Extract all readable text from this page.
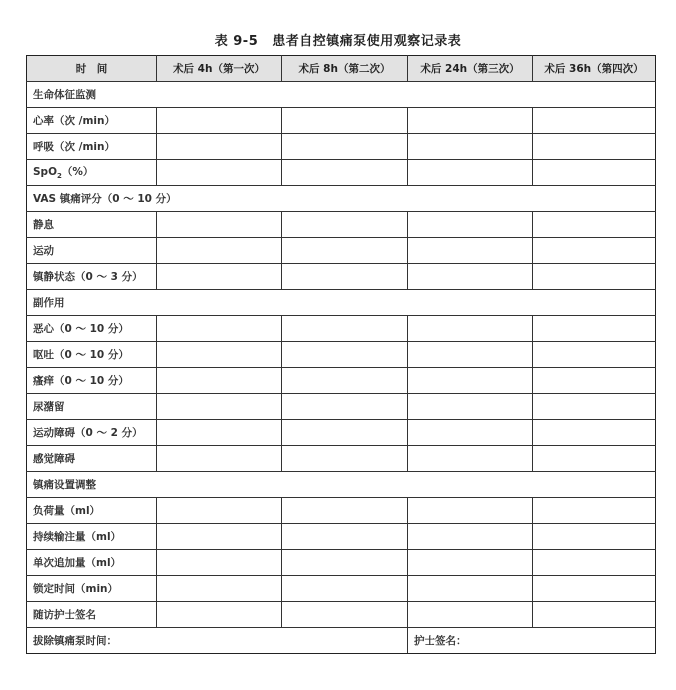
表 9-5 患者自控镇痛泵使用观察记录表
时　间	术后 4h（第一次）	术后 8h（第二次）	术后 24h（第三次）	术后 36h（第四次）
生命体征监测				
心率（次 /min）				
呼吸（次 /min）				
SpO$_2$（%）				
VAS 镇痛评分（0 ～ 10 分）				
静息				
运动				
镇静状态（0 ～ 3 分）				
副作用				
恶心（0 ～ 10 分）				
呕吐（0 ～ 10 分）				
瘙痒（0 ～ 10 分）				
尿潴留				
运动障碍（0 ～ 2 分）				
感觉障碍				
镇痛设置调整				
负荷量（ml）				
持续输注量（ml）				
单次追加量（ml）				
锁定时间（min）				
随访护士签名				
拔除镇痛泵时间：			护士签名：	
